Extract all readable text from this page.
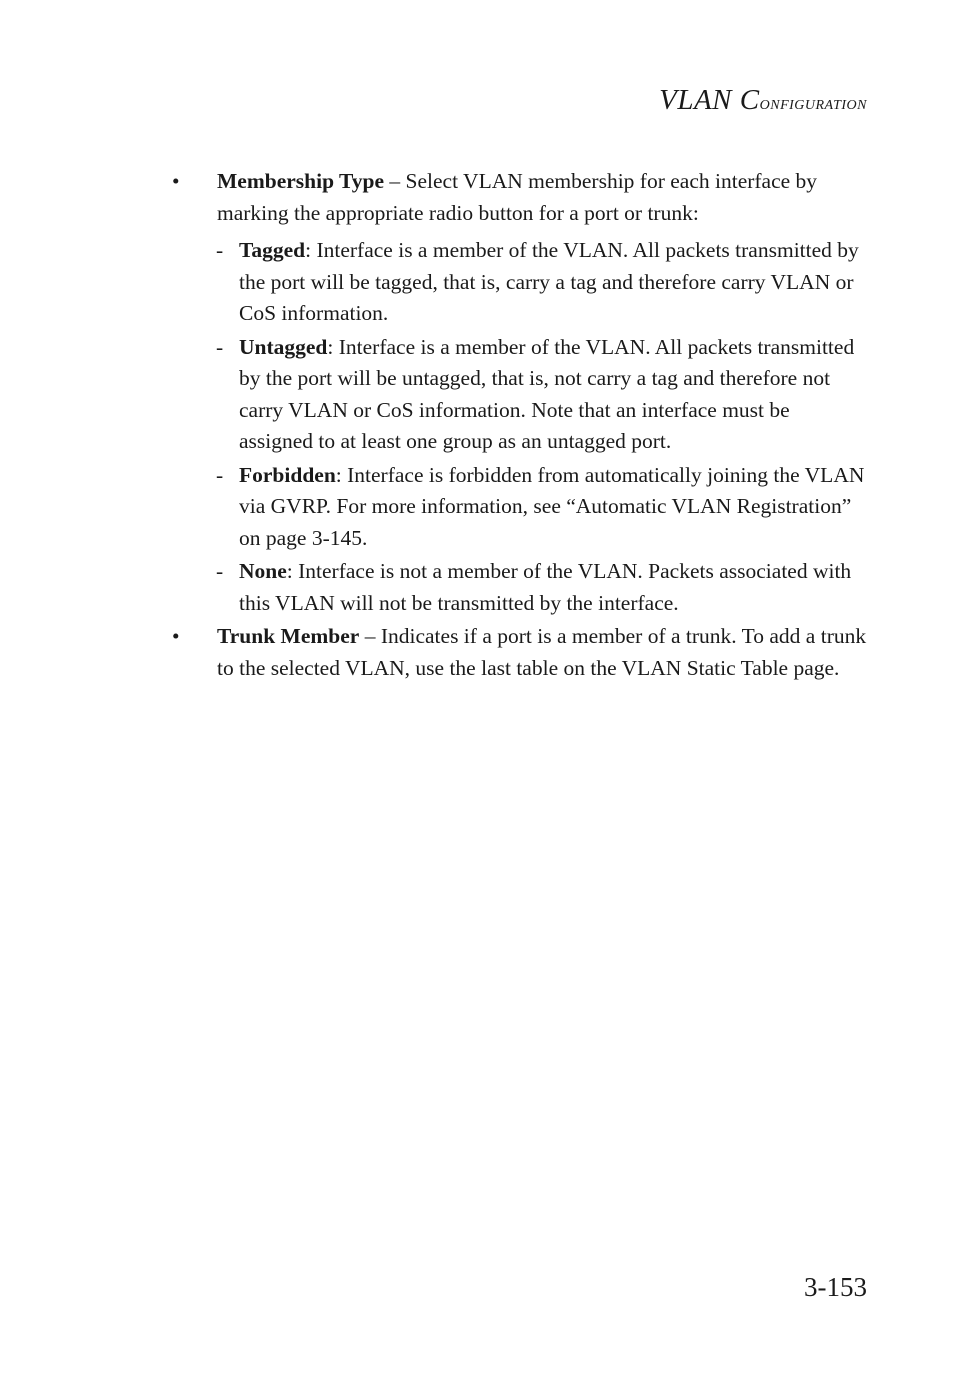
VLAN Configuration

• Membership Type – Select VLAN membership for each interface by marking the appropriate radio button for a port or trunk:

- Tagged: Interface is a member of the VLAN. All packets transmitted by the port will be tagged, that is, carry a tag and therefore carry VLAN or CoS information.

- Untagged: Interface is a member of the VLAN. All packets transmitted by the port will be untagged, that is, not carry a tag and therefore not carry VLAN or CoS information. Note that an interface must be assigned to at least one group as an untagged port.

- Forbidden: Interface is forbidden from automatically joining the VLAN via GVRP. For more information, see “Automatic VLAN Registration” on page 3-145.

- None: Interface is not a member of the VLAN. Packets associated with this VLAN will not be transmitted by the interface.

• Trunk Member – Indicates if a port is a member of a trunk. To add a trunk to the selected VLAN, use the last table on the VLAN Static Table page.

3-153
